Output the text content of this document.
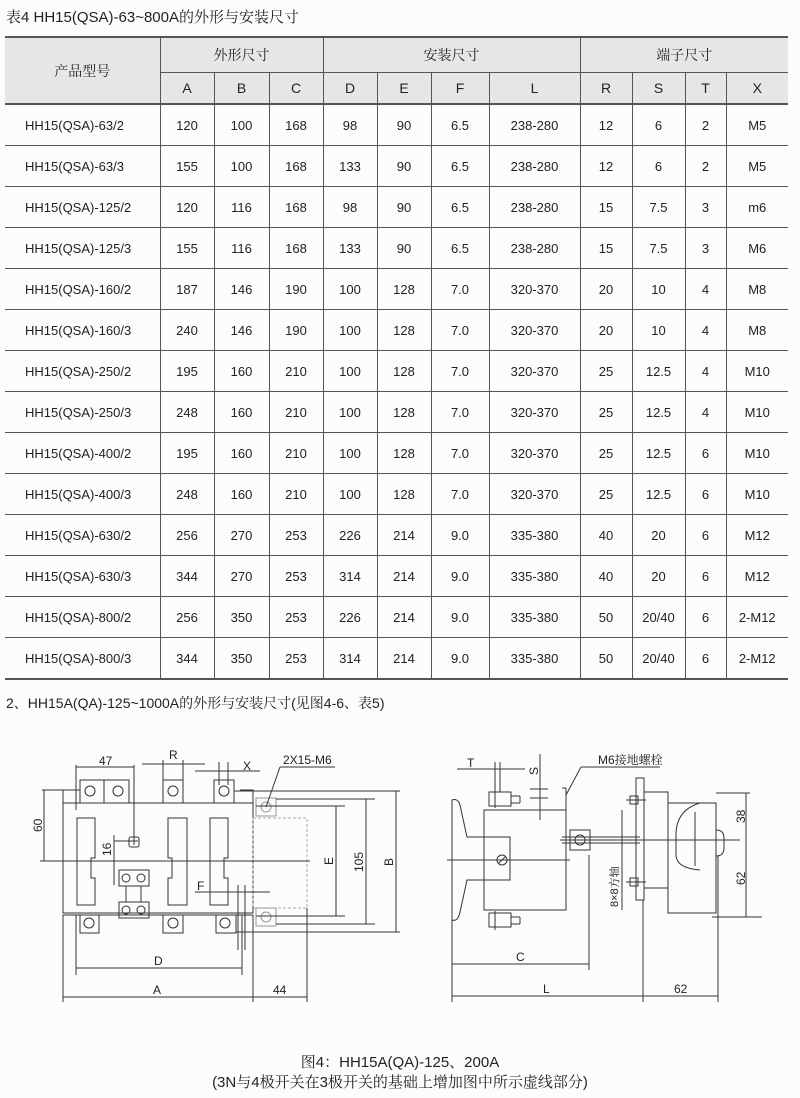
表4 HH15(QSA)-63~800A的外形与安装尺寸
产品型号	外形尺寸			安装尺寸				端子尺寸			
	A	B	C	D	E	F	L	R	S	T	X
HH15(QSA)-63/2	120	100	168	98	90	6.5	238-280	12	6	2	M5
HH15(QSA)-63/3	155	100	168	133	90	6.5	238-280	12	6	2	M5
HH15(QSA)-125/2	120	116	168	98	90	6.5	238-280	15	7.5	3	m6
HH15(QSA)-125/3	155	116	168	133	90	6.5	238-280	15	7.5	3	M6
HH15(QSA)-160/2	187	146	190	100	128	7.0	320-370	20	10	4	M8
HH15(QSA)-160/3	240	146	190	100	128	7.0	320-370	20	10	4	M8
HH15(QSA)-250/2	195	160	210	100	128	7.0	320-370	25	12.5	4	M10
HH15(QSA)-250/3	248	160	210	100	128	7.0	320-370	25	12.5	4	M10
HH15(QSA)-400/2	195	160	210	100	128	7.0	320-370	25	12.5	6	M10
HH15(QSA)-400/3	248	160	210	100	128	7.0	320-370	25	12.5	6	M10
HH15(QSA)-630/2	256	270	253	226	214	9.0	335-380	40	20	6	M12
HH15(QSA)-630/3	344	270	253	314	214	9.0	335-380	40	20	6	M12
HH15(QSA)-800/2	256	350	253	226	214	9.0	335-380	50	20/40	6	2-M12
HH15(QSA)-800/3	344	350	253	314	214	9.0	335-380	50	20/40	6	2-M12
2、HH15A(QA)-125~1000A的外形与安装尺寸(见图4-6、表5)
47	R
X	2X15-M6
60
16
F
E 105 B
D
A	44
T
S
M6接地螺栓
8×8方轴
38
62
C
L	62
图4：HH15A(QA)-125、200A
(3N与4极开关在3极开关的基础上增加图中所示虚线部分)
